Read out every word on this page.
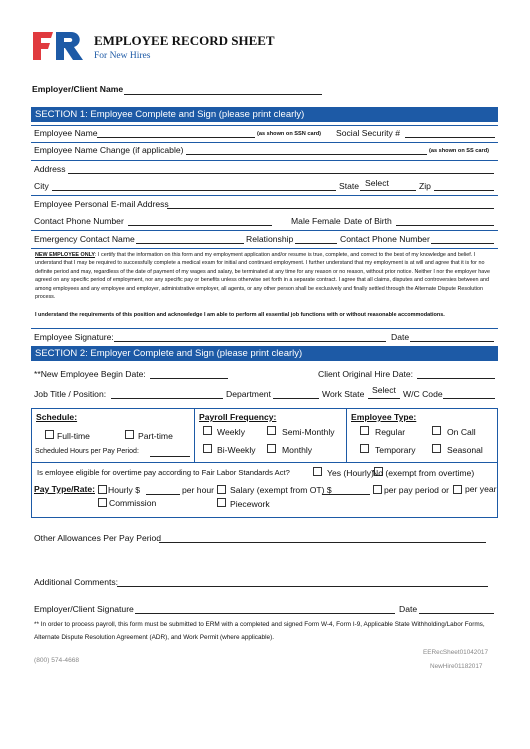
EMPLOYEE RECORD SHEET
For New Hires
Employer/Client Name
SECTION 1: Employee Complete and Sign (please print clearly)
Employee Name	(as shown on SSN card) Social Security #
Employee Name Change (if applicable)	(as shown on SS card)
Address
City	State Select	Zip
Employee Personal E-mail Address
Contact Phone Number	Male Female Date of Birth
Emergency Contact Name	Relationship	Contact Phone Number
NEW EMPLOYEE ONLY: I certify that the information on this form and my employment application and/or resume is true, complete, and correct to the best of my knowledge and belief. I understand that I may be required to successfully complete a medical exam for initial and continued employment. I further understand that my employment is at will and agree that it is for no definite period and may, regardless of the date of payment of my wages and salary, be terminated at any time for any reason or no reason, without prior notice. Neither I nor the employer have agreed on any specific period of employment, nor any specific pay or benefits unless otherwise set forth in a separate contract. I agree that all claims, disputes and controversies between and among employees and any employee and employer, administrative employer, all agents, or any other person shall be exclusively and finally settled through the Alternate Dispute Resolution process.
I understand the requirements of this position and acknowledge I am able to perform all essential job functions with or without reasonable accommodations.
Employee Signature:	Date
SECTION 2: Employer Complete and Sign (please print clearly)
**New Employee Begin Date:	Client Original Hire Date:
Job Title / Position:	Department	Work State Select W/C Code
Schedule:
Full-time	Part-time
Scheduled Hours per Pay Period:
Payroll Frequency:
Weekly	Semi-Monthly
Bi-Weekly	Monthly
Employee Type:
Regular	On Call
Temporary	Seasonal
Is emloyee eligible for overtime pay according to Fair Labor Standards Act?	Yes (Hourly)
No (exempt from overtime)
Pay Type/Rate: Hourly $	per hour Salary (exempt from OT) $	per pay period or per year
Commission	Piecework
Other Allowances Per Pay Period
Additional Comments:
Employer/Client Signature	Date
** In order to process payroll, this form must be submitted to ERM with a completed and signed Form W-4, Form I-9, Applicable State Withholding/Labor Forms, Alternate Dispute Resolution Agreement (ADR), and Work Permit (where applicable).
(800) 574-4668
EERecSheet01042017
NewHire01182017
